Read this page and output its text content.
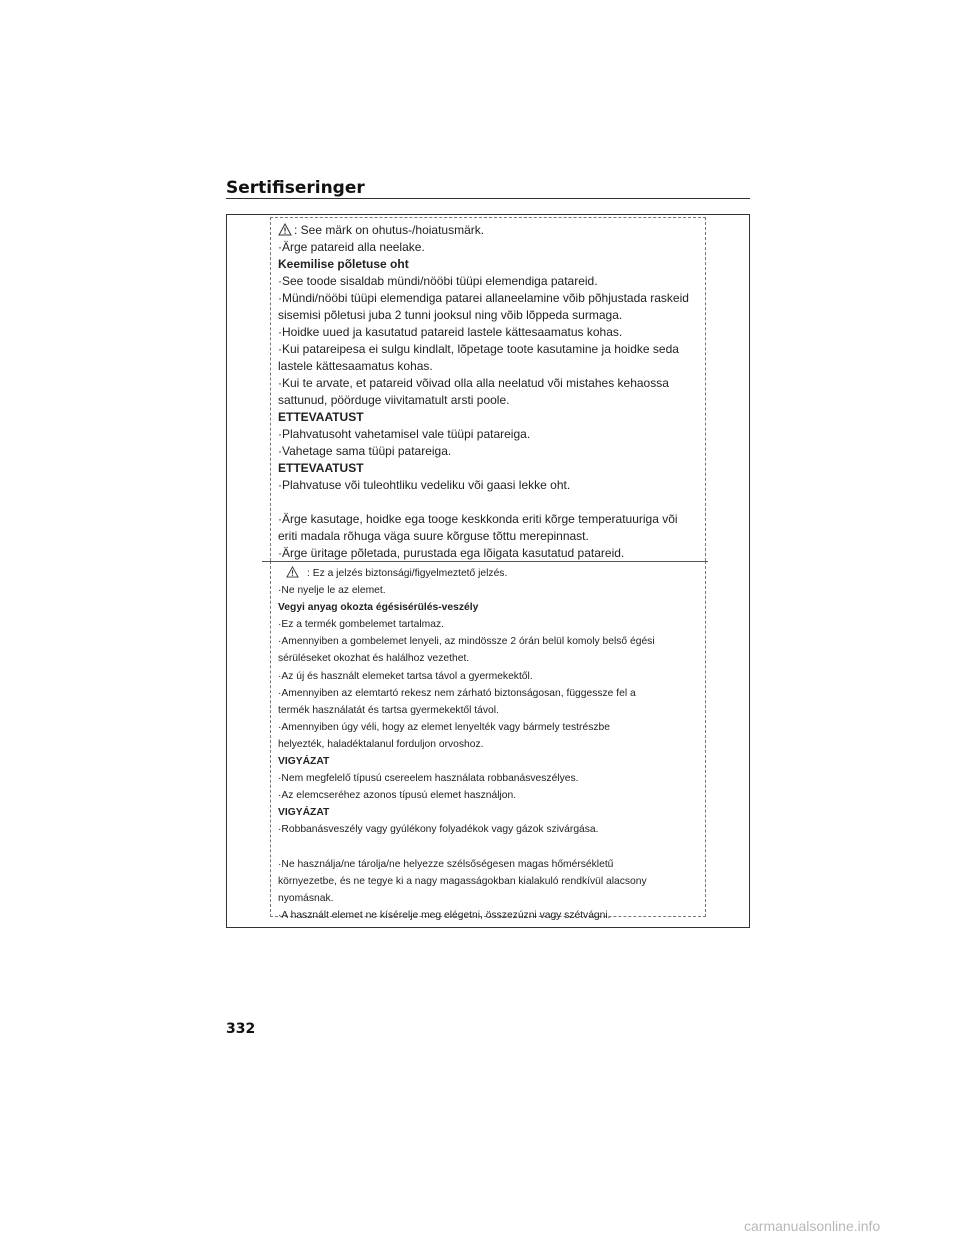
Sertifiseringer
: See märk on ohutus-/hoiatusmärk.
·Ärge patareid alla neelake.
Keemilise põletuse oht
·See toode sisaldab mündi/nööbi tüüpi elemendiga patareid.
·Mündi/nööbi tüüpi elemendiga patarei allaneelamine võib põhjustada raskeid
sisemisi põletusi juba 2 tunni jooksul ning võib lõppeda surmaga.
·Hoidke uued ja kasutatud patareid lastele kättesaamatus kohas.
·Kui patareipesa ei sulgu kindlalt, lõpetage toote kasutamine ja hoidke seda
lastele kättesaamatus kohas.
·Kui te arvate, et patareid võivad olla alla neelatud või mistahes kehaossa
sattunud, pöörduge viivitamatult arsti poole.
ETTEVAATUST
·Plahvatusoht vahetamisel vale tüüpi patareiga.
·Vahetage sama tüüpi patareiga.
ETTEVAATUST
·Plahvatuse või tuleohtliku vedeliku või gaasi lekke oht.
·Ärge kasutage, hoidke ega tooge keskkonda eriti kõrge temperatuuriga või
eriti madala rõhuga väga suure kõrguse tõttu merepinnast.
·Ärge üritage põletada, purustada ega lõigata kasutatud patareid.
: Ez a jelzés biztonsági/figyelmeztető jelzés.
·Ne nyelje le az elemet.
Vegyi anyag okozta égésisérülés-veszély
·Ez a termék gombelemet tartalmaz.
·Amennyiben a gombelemet lenyeli, az mindössze 2 órán belül komoly belső égési
sérüléseket okozhat és halálhoz vezethet.
·Az új és használt elemeket tartsa távol a gyermekektől.
·Amennyiben az elemtartó rekesz nem zárható biztonságosan, függessze fel a
termék használatát és tartsa gyermekektől távol.
·Amennyiben úgy véli, hogy az elemet lenyelték vagy bármely testrészbe
helyezték, haladéktalanul forduljon orvoshoz.
VIGYÁZAT
·Nem megfelelő típusú csereelem használata robbanásveszélyes.
·Az elemcseréhez azonos típusú elemet használjon.
VIGYÁZAT
·Robbanásveszély vagy gyúlékony folyadékok vagy gázok szivárgása.
·Ne használja/ne tárolja/ne helyezze szélsőségesen magas hőmérsékletű
környezetbe, és ne tegye ki a nagy magasságokban kialakuló rendkívül alacsony
nyomásnak.
·A használt elemet ne kísérelje meg elégetni, összezúzni vagy szétvágni.
332
carmanualsonline.info
